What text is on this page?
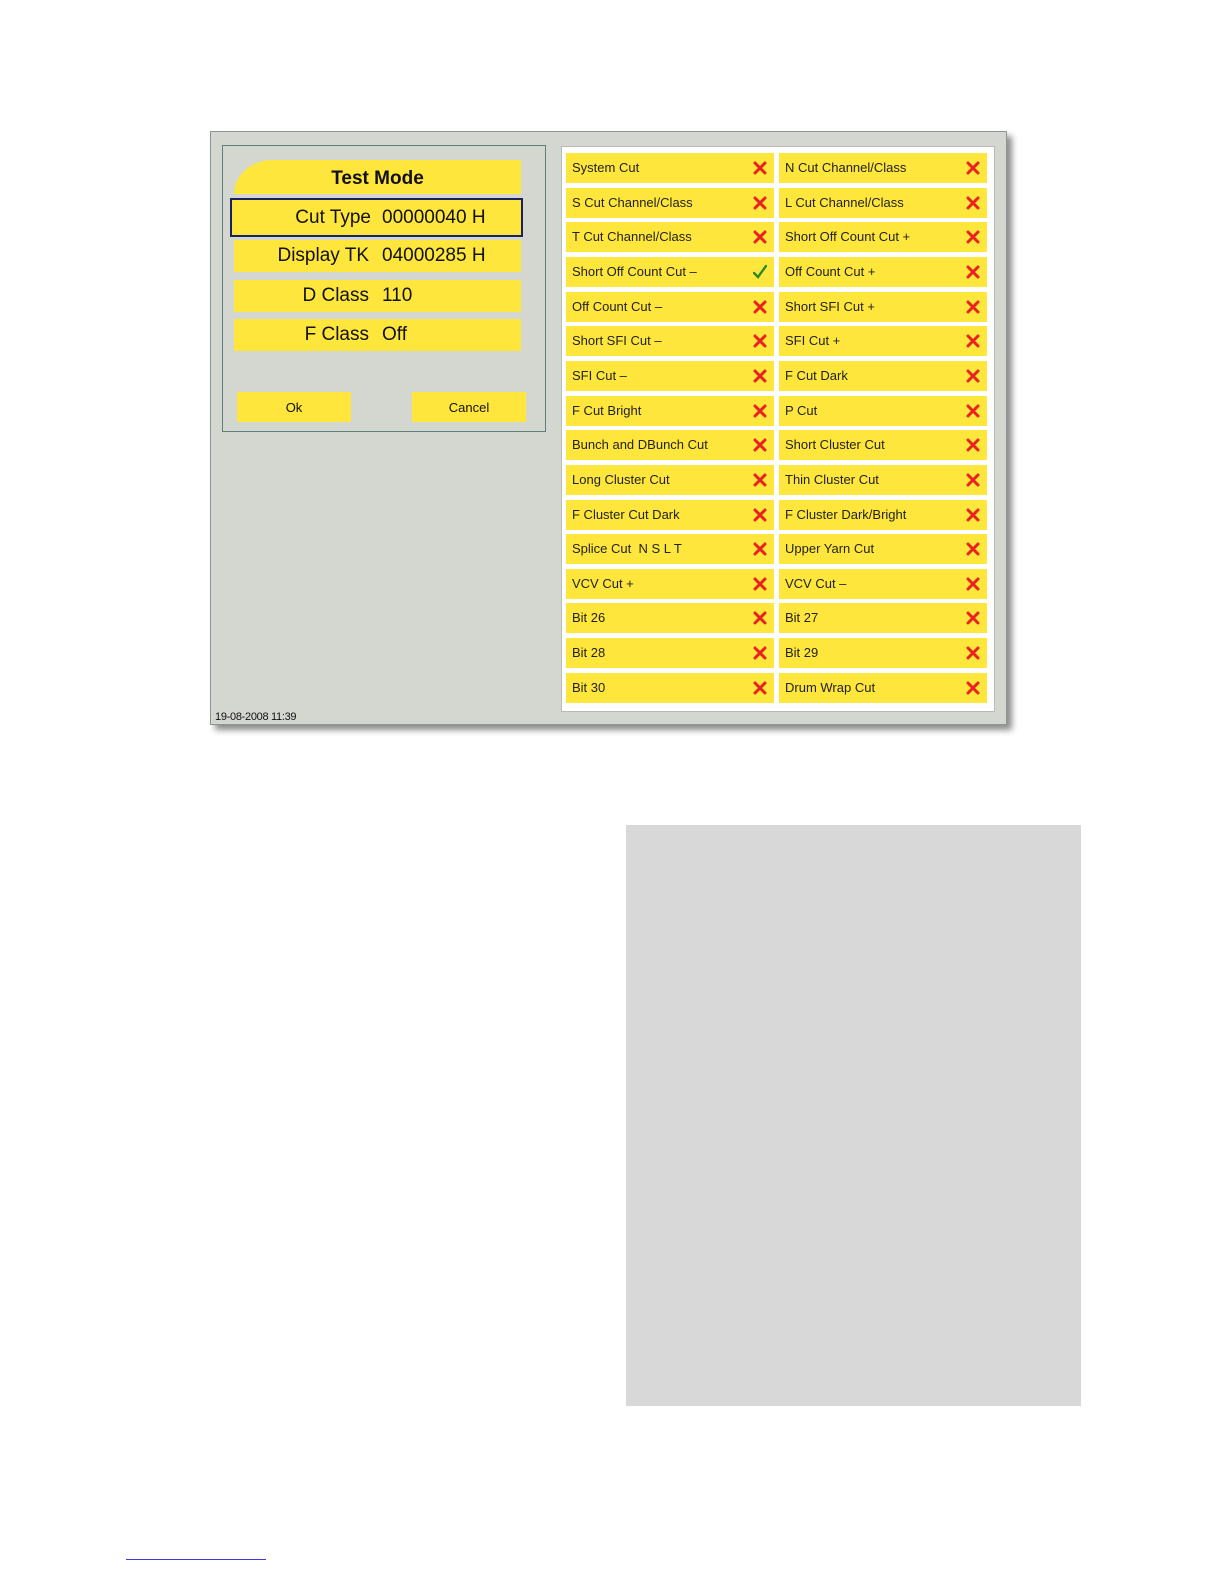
Test Mode
Cut Type 00000040 H
Display TK 04000285 H
D Class 110
F Class Off
Ok	Cancel
System Cut	N Cut Channel/Class
S Cut Channel/Class	L Cut Channel/Class
T Cut Channel/Class	Short Off Count Cut +
Short Off Count Cut –	Off Count Cut +
Off Count Cut –	Short SFI Cut +
Short SFI Cut –	SFI Cut +
SFI Cut –	F Cut Dark
F Cut Bright	P Cut
Bunch and DBunch Cut	Short Cluster Cut
Long Cluster Cut	Thin Cluster Cut
F Cluster Cut Dark	F Cluster Dark/Bright
Splice Cut  N S L T	Upper Yarn Cut
VCV Cut +	VCV Cut –
Bit 26	Bit 27
Bit 28	Bit 29
Bit 30	Drum Wrap Cut
19-08-2008 11:39
